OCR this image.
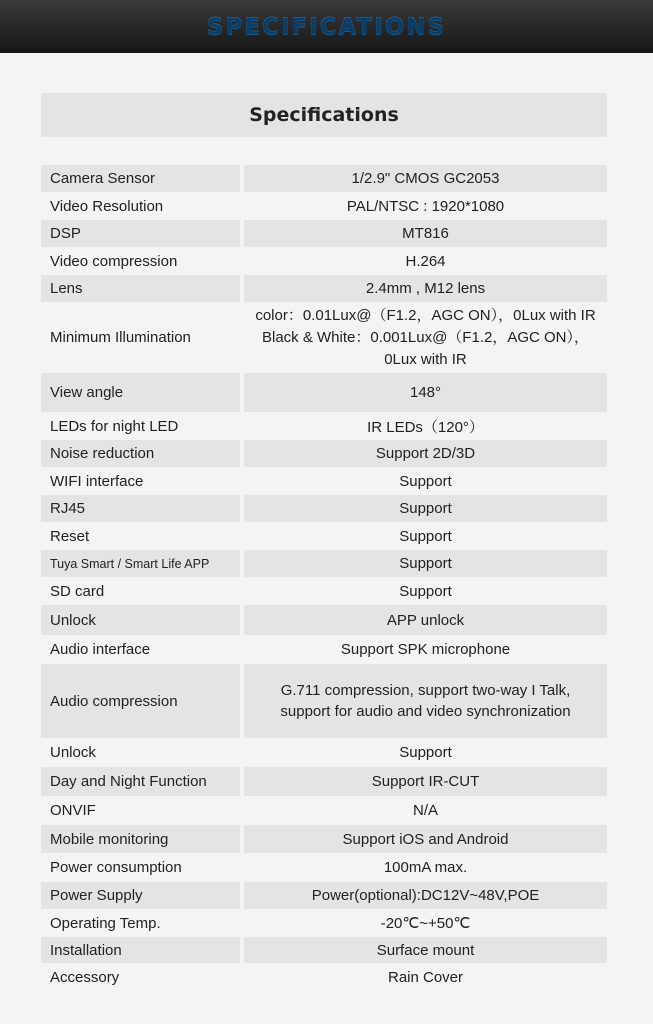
SPECIFICATIONS
Specifications
Camera Sensor	1/2.9" CMOS GC2053
Video Resolution	PAL/NTSC : 1920*1080
DSP	MT816
Video compression	H.264
Lens	2.4mm , M12 lens
Minimum Illumination	color：0.01Lux@（F1.2，AGC ON），0Lux with IR
Black & White：0.001Lux@（F1.2，AGC ON），
0Lux with IR

View angle	148°
LEDs for night LED	IR LEDs（120°）
Noise reduction	Support 2D/3D
WIFI interface	Support
RJ45	Support
Reset	Support
Tuya Smart / Smart Life APP	Support
SD card	Support
Unlock	APP unlock
Audio interface	Support SPK microphone
Audio compression	G.711 compression, support two-way I Talk,
support for audio and video synchronization

Unlock	Support
Day and Night Function	Support IR-CUT
ONVIF	N/A
Mobile monitoring	Support iOS and Android
Power consumption	100mA max.
Power Supply	Power(optional):DC12V~48V,POE
Operating Temp.	-20℃~+50℃
Installation	Surface mount
Accessory	Rain Cover
